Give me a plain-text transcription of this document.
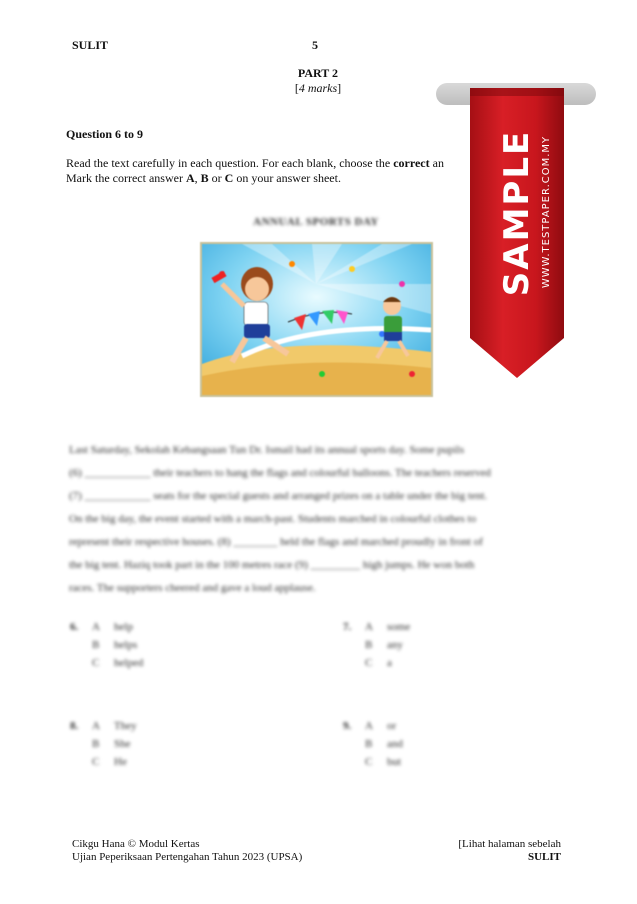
SULIT	5
PART 2
[4 marks]
Question 6 to 9
Read the text carefully in each question. For each blank, choose the correct an
Mark the correct answer A, B or C on your answer sheet.
ANNUAL SPORTS DAY
Last Saturday, Sekolah Kebangsaan Tun Dr. Ismail had its annual sports day. Some pupils
(6) ____________ their teachers to hang the flags and colourful balloons. The teachers reserved
(7) ____________ seats for the special guests and arranged prizes on a table under the big tent.
On the big day, the event started with a march-past. Students marched in colourful clothes to
represent their respective houses. (8) ________ held the flags and marched proudly in front of
the big tent. Haziq took part in the 100 metres race (9) _________ high jumps. He won both
races. The supporters cheered and gave a loud applause.
6.	A	help
B	helps
C	helped
7.	A	some
B	any
C	a
8.	A	They
B	She
C	He
9.	A	or
B	and
C	but
Cikgu Hana © Modul Kertas
Ujian Peperiksaan Pertengahan Tahun 2023 (UPSA)
[Lihat halaman sebelah
SULIT
SAMPLE WWW.TESTPAPER.COM.MY
